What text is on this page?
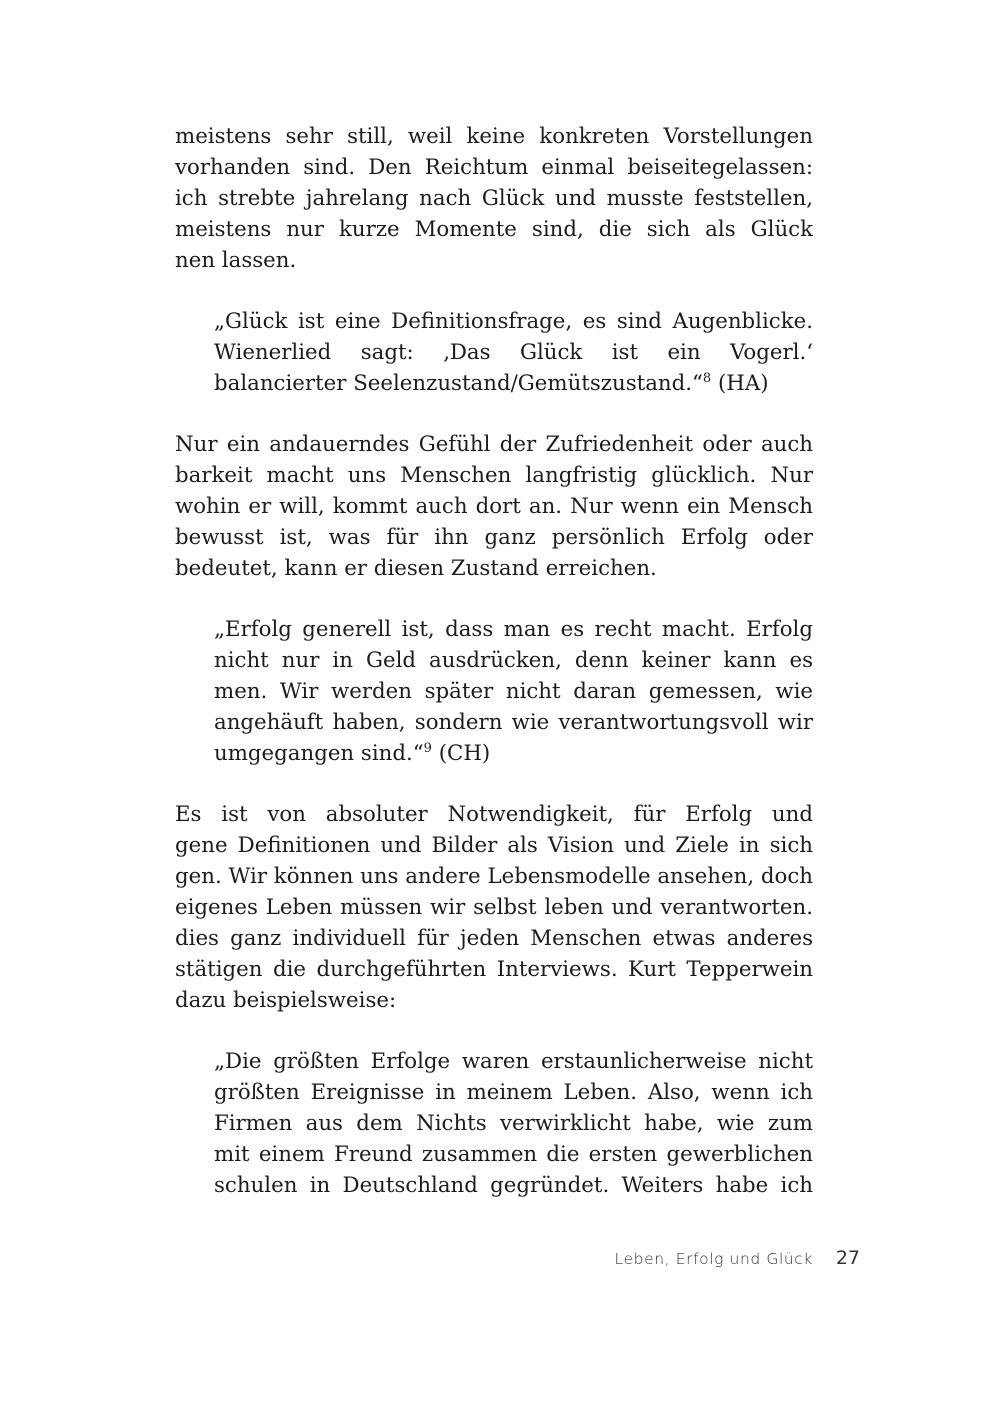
meistens sehr still, weil keine konkreten Vorstellungen
vorhanden sind. Den Reichtum einmal beiseitegelassen:
ich strebte jahrelang nach Glück und musste feststellen,
meistens nur kurze Momente sind, die sich als Glück
nen lassen.
„Glück ist eine Definitionsfrage, es sind Augenblicke.
Wienerlied sagt: ‚Das Glück ist ein Vogerl.‘
balancierter Seelenzustand/Gemütszustand.“$^8$ (HA)
Nur ein andauerndes Gefühl der Zufriedenheit oder auch
barkeit macht uns Menschen langfristig glücklich. Nur
wohin er will, kommt auch dort an. Nur wenn ein Mensch
bewusst ist, was für ihn ganz persönlich Erfolg oder
bedeutet, kann er diesen Zustand erreichen.
„Erfolg generell ist, dass man es recht macht. Erfolg
nicht nur in Geld ausdrücken, denn keiner kann es
men. Wir werden später nicht daran gemessen, wie
angehäuft haben, sondern wie verantwortungsvoll wir
umgegangen sind.“$^9$ (CH)
Es ist von absoluter Notwendigkeit, für Erfolg und
gene Definitionen und Bilder als Vision und Ziele in sich
gen. Wir können uns andere Lebensmodelle ansehen, doch
eigenes Leben müssen wir selbst leben und verantworten.
dies ganz individuell für jeden Menschen etwas anderes
stätigen die durchgeführten Interviews. Kurt Tepperwein
dazu beispielsweise:
„Die größten Erfolge waren erstaunlicherweise nicht
größten Ereignisse in meinem Leben. Also, wenn ich
Firmen aus dem Nichts verwirklicht habe, wie zum
mit einem Freund zusammen die ersten gewerblichen
schulen in Deutschland gegründet. Weiters habe ich
Leben, Erfolg und Glück 27
